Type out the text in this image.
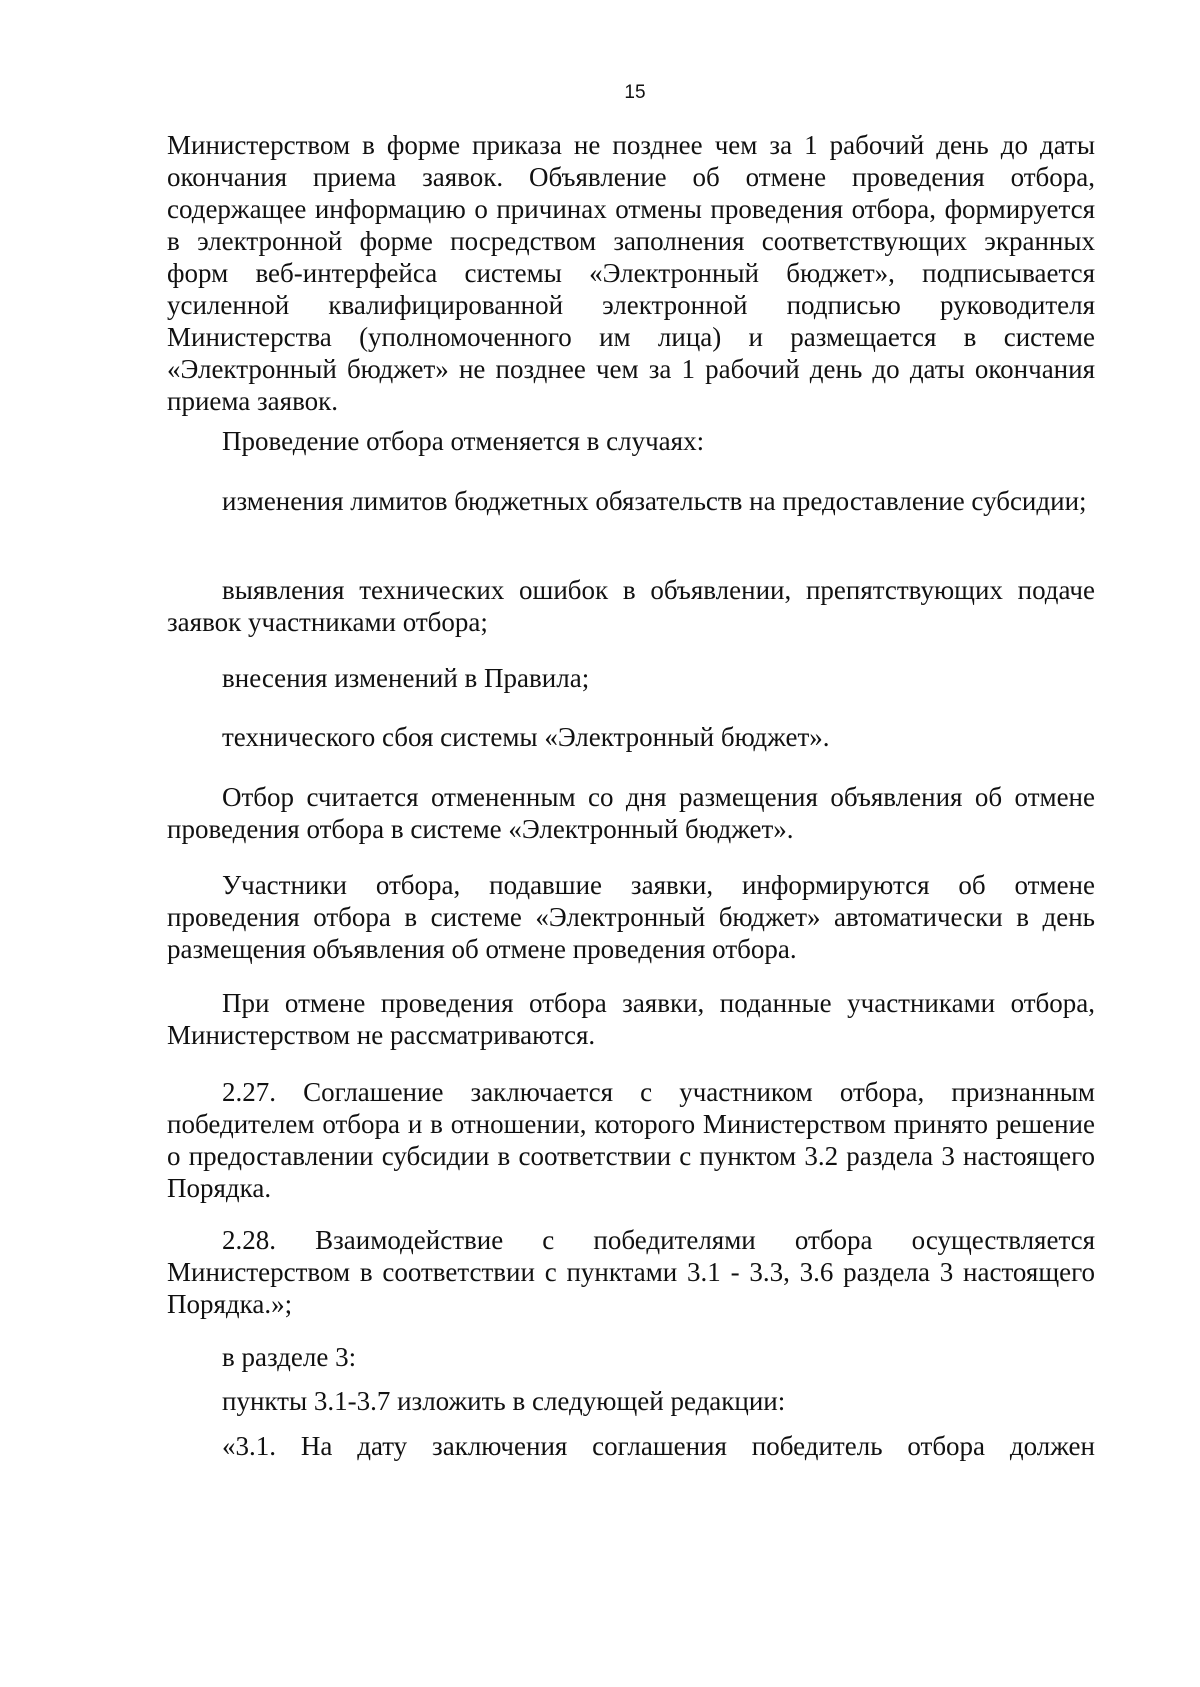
15

Министерством в форме приказа не позднее чем за 1 рабочий день до даты окончания приема заявок. Объявление об отмене проведения отбора, содержащее информацию о причинах отмены проведения отбора, формируется в электронной форме посредством заполнения соответствующих экранных форм веб-интерфейса системы «Электронный бюджет», подписывается усиленной квалифицированной электронной подписью руководителя Министерства (уполномоченного им лица) и размещается в системе «Электронный бюджет» не позднее чем за 1 рабочий день до даты окончания приема заявок.

Проведение отбора отменяется в случаях:

изменения лимитов бюджетных обязательств на предоставление субсидии;

выявления технических ошибок в объявлении, препятствующих подаче заявок участниками отбора;

внесения изменений в Правила;

технического сбоя системы «Электронный бюджет».

Отбор считается отмененным со дня размещения объявления об отмене проведения отбора в системе «Электронный бюджет».

Участники отбора, подавшие заявки, информируются об отмене проведения отбора в системе «Электронный бюджет» автоматически в день размещения объявления об отмене проведения отбора.

При отмене проведения отбора заявки, поданные участниками отбора, Министерством не рассматриваются.

2.27. Соглашение заключается с участником отбора, признанным победителем отбора и в отношении, которого Министерством принято решение о предоставлении субсидии в соответствии с пунктом 3.2 раздела 3 настоящего Порядка.

2.28. Взаимодействие с победителями отбора осуществляется Министерством в соответствии с пунктами 3.1 - 3.3, 3.6 раздела 3 настоящего Порядка.»;

в разделе 3:

пункты 3.1-3.7 изложить в следующей редакции:

«3.1. На дату заключения соглашения победитель отбора должен
